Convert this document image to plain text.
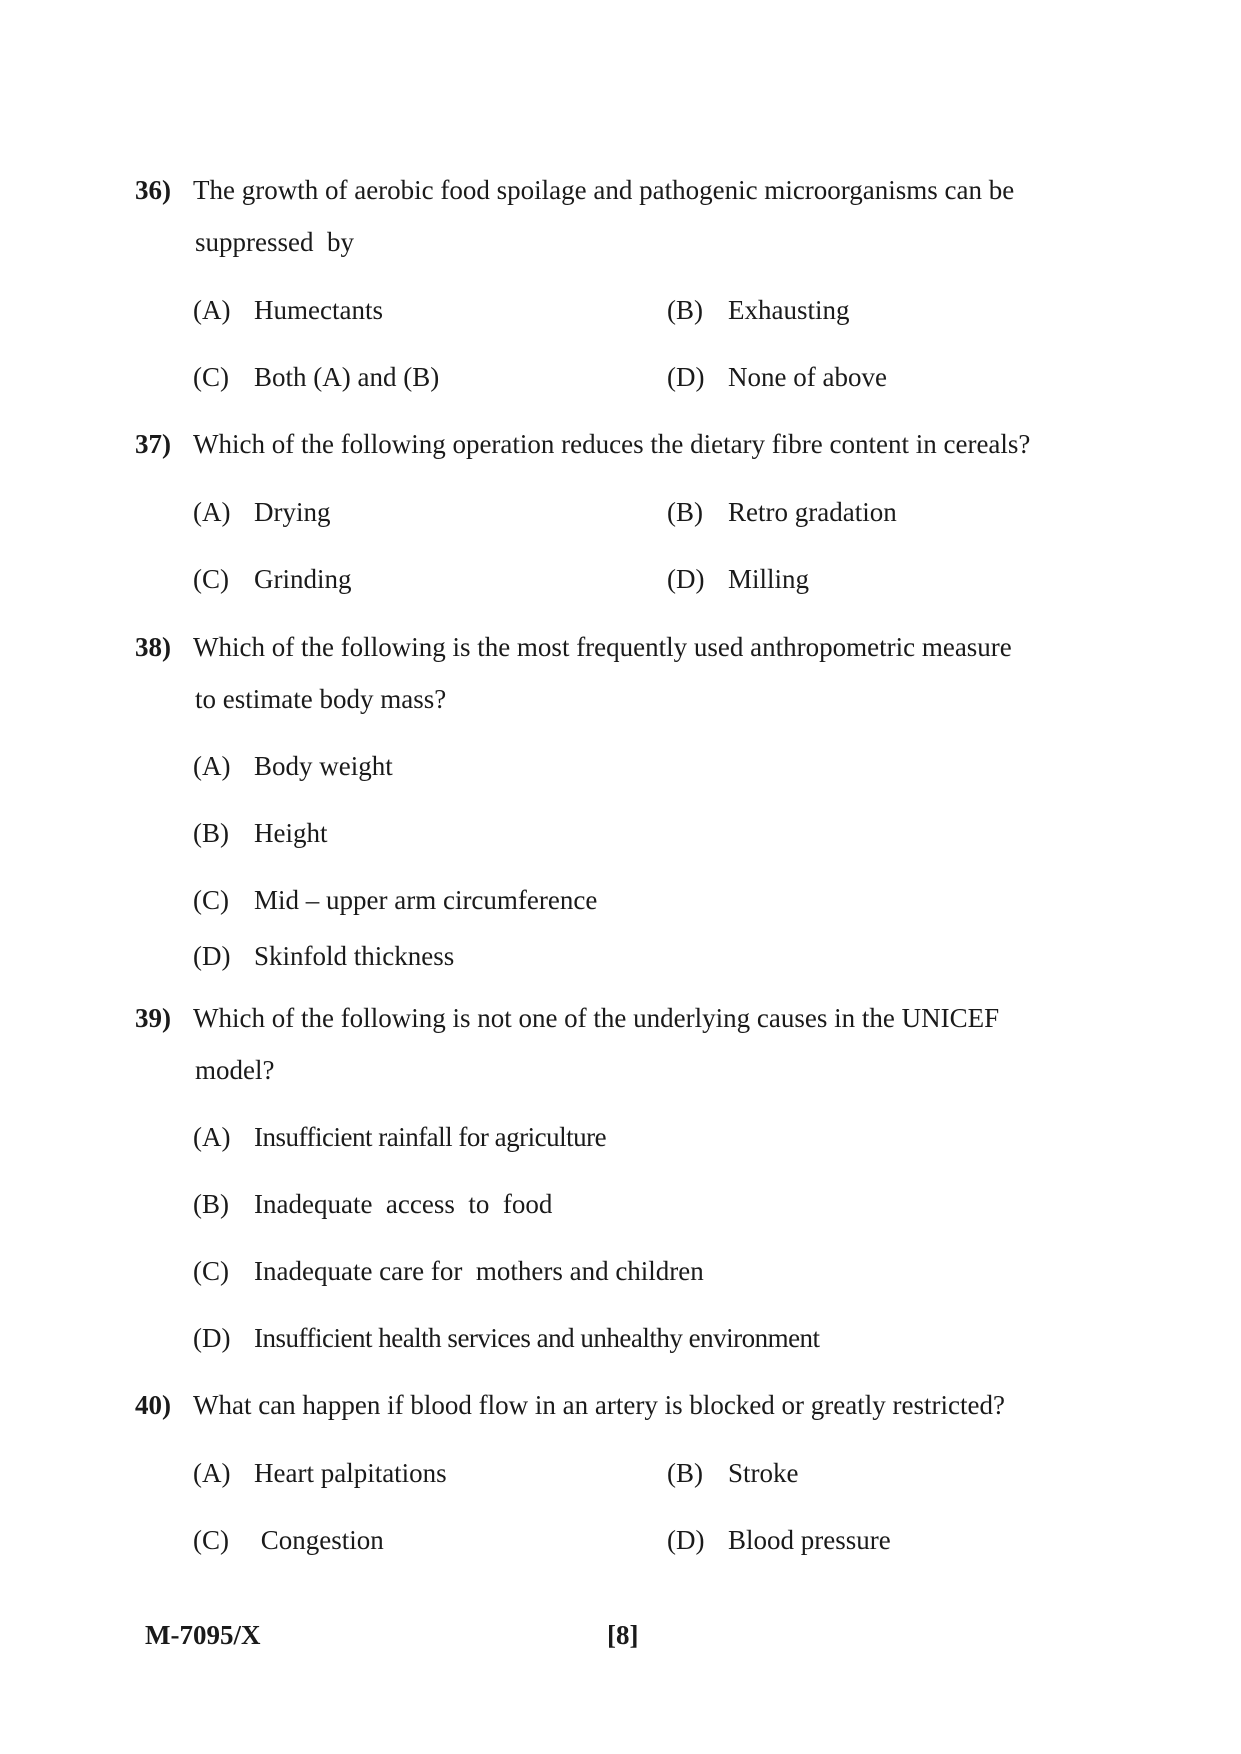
36) The growth of aerobic food spoilage and pathogenic microorganisms can be
suppressed  by
(A) Humectants	(B) Exhausting
(C) Both (A) and (B)	(D) None of above
37) Which of the following operation reduces the dietary fibre content in cereals?
(A) Drying	(B) Retro gradation
(C) Grinding	(D) Milling
38) Which of the following is the most frequently used anthropometric measure
to estimate body mass?
(A) Body weight
(B) Height
(C) Mid – upper arm circumference
(D) Skinfold thickness
39) Which of the following is not one of the underlying causes in the UNICEF
model?
(A) Insufficient rainfall for agriculture
(B) Inadequate  access  to  food
(C) Inadequate care for  mothers and children
(D) Insufficient health services and unhealthy environment
40) What can happen if blood flow in an artery is blocked or greatly restricted?
(A) Heart palpitations	(B) Stroke
(C) Congestion	(D) Blood pressure
M-7095/X	[8]
